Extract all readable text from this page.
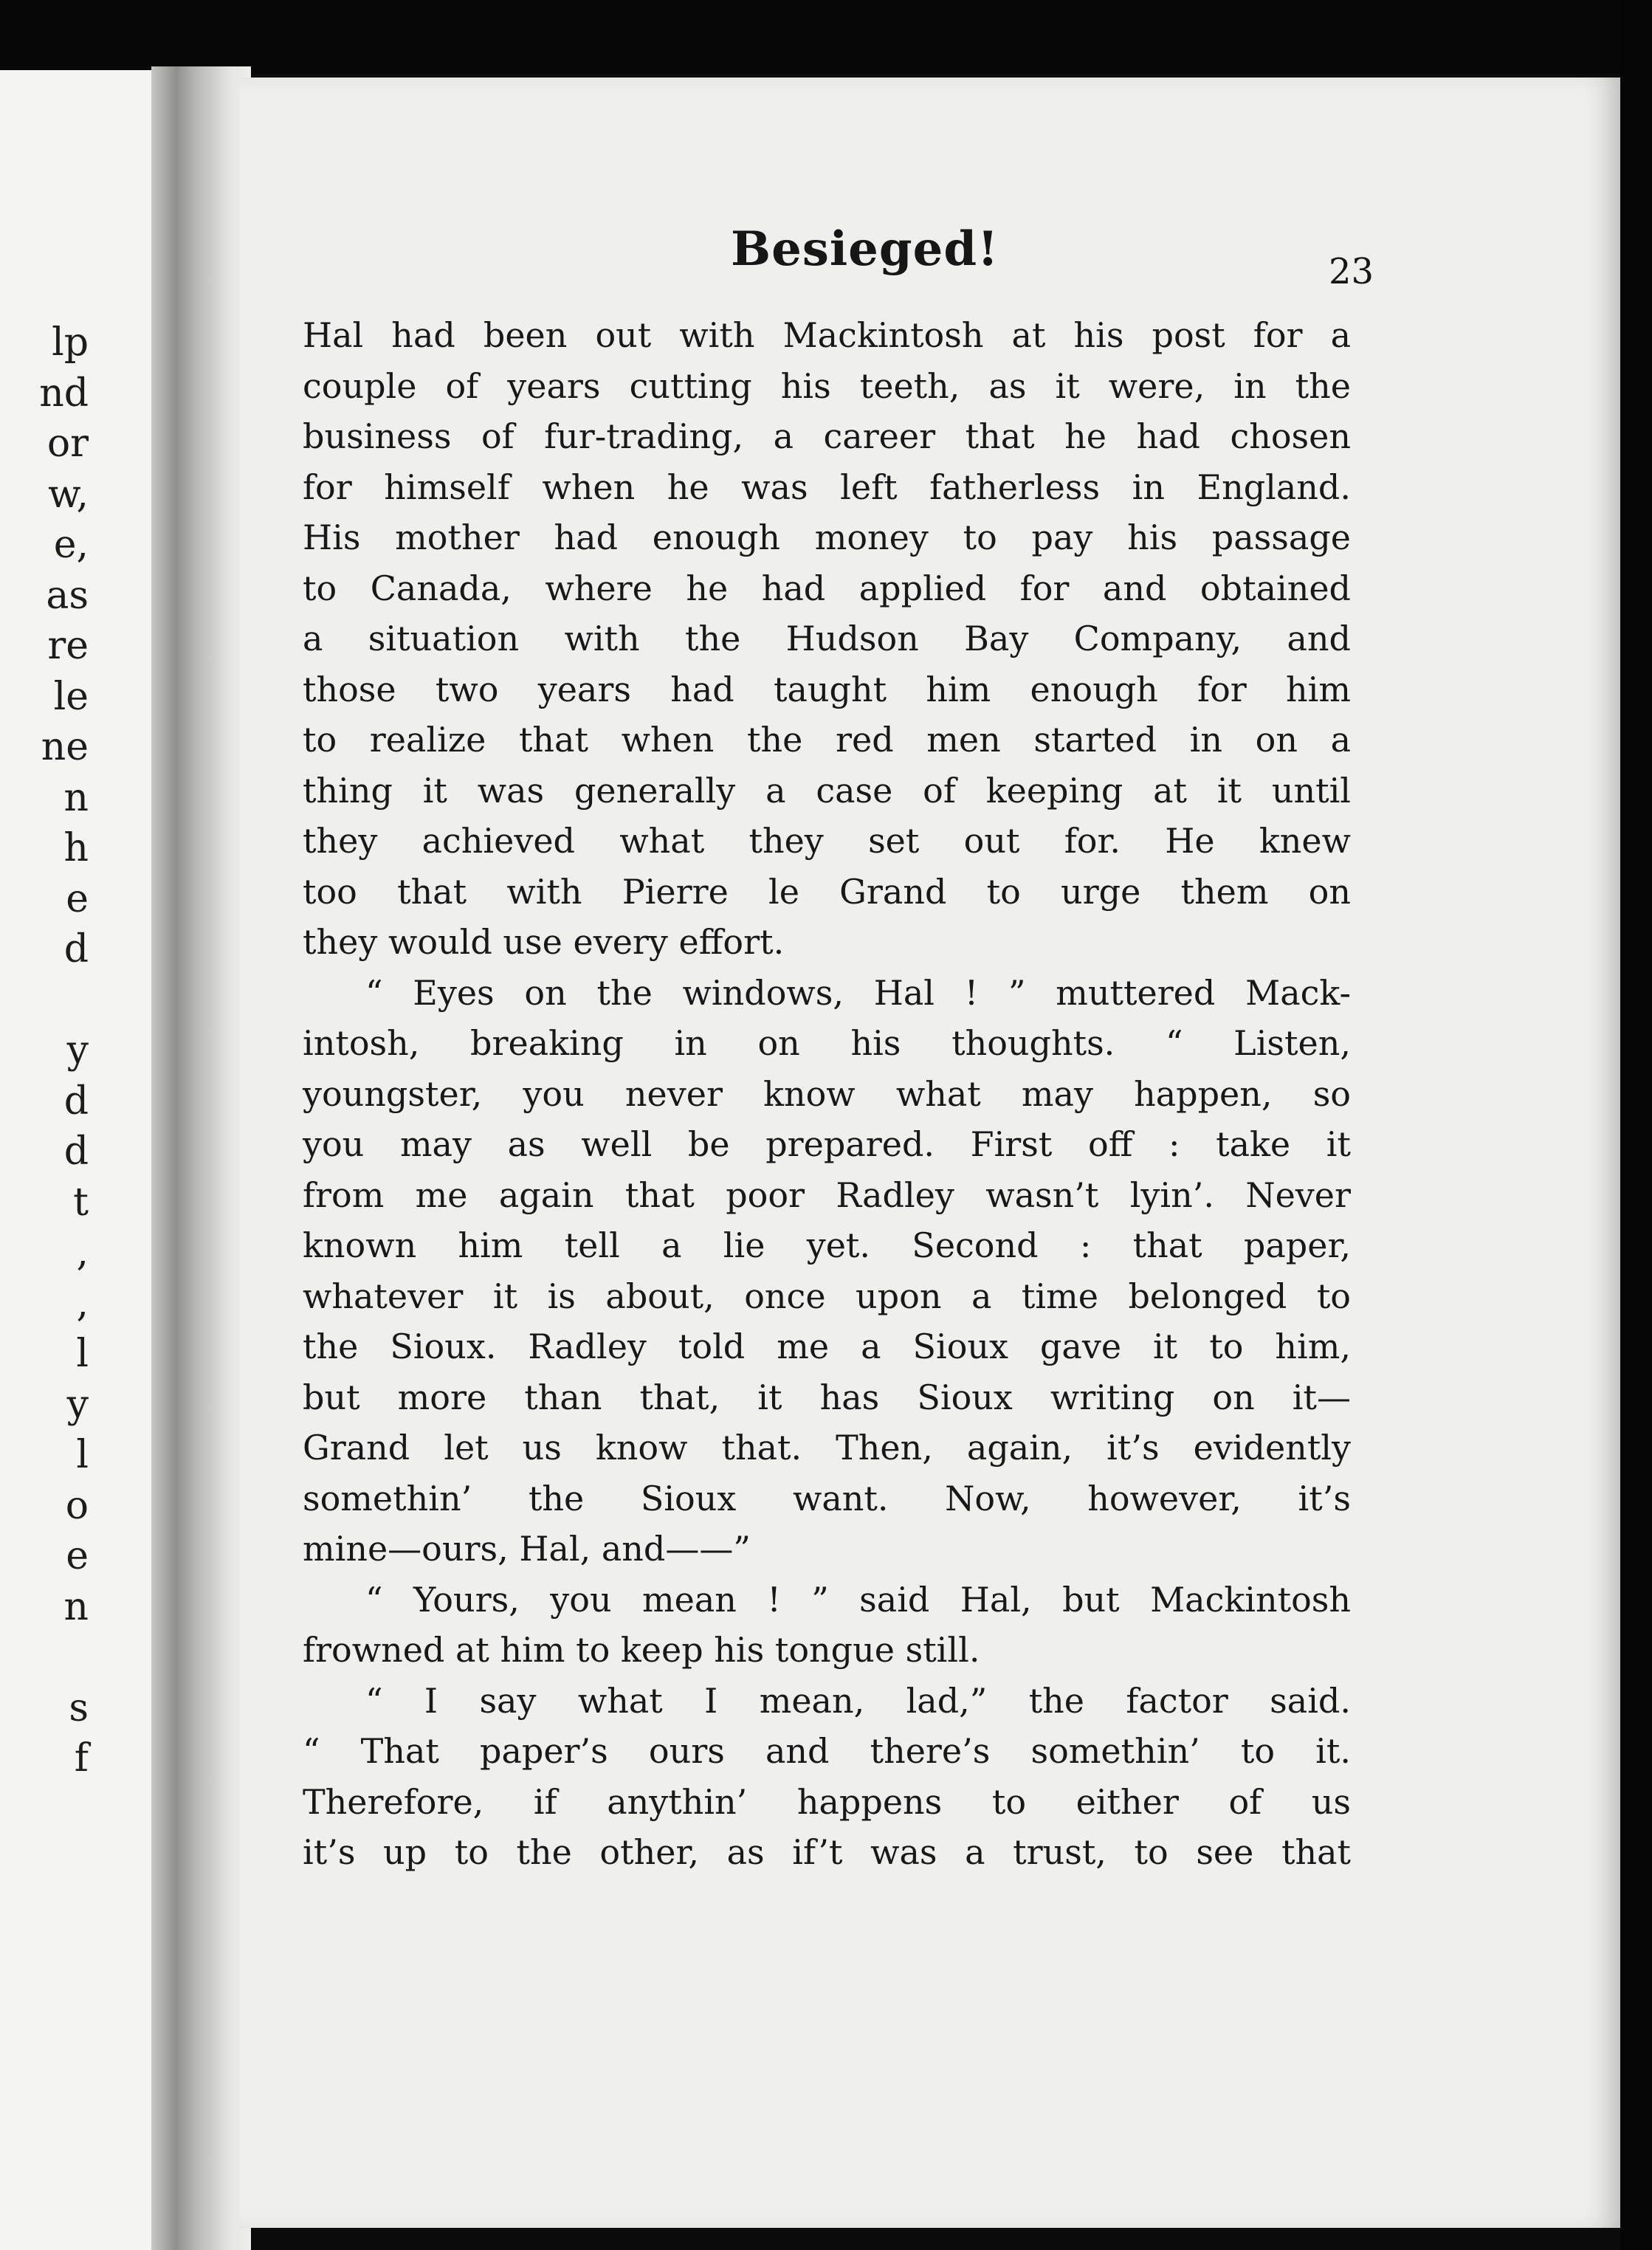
lp
nd
or
w,
e,
as
re
le
ne
n
h
e
d
y
d
d
t
,
,
l
y
l
o
e
n
s
f
Besieged!	23
Hal had been out with Mackintosh at his post for a
couple of years cutting his teeth, as it were, in the
business of fur-trading, a career that he had chosen
for himself when he was left fatherless in England.
His mother had enough money to pay his passage
to Canada, where he had applied for and obtained
a situation with the Hudson Bay Company, and
those two years had taught him enough for him
to realize that when the red men started in on a
thing it was generally a case of keeping at it until
they achieved what they set out for. He knew
too that with Pierre le Grand to urge them on
they would use every effort.
“ Eyes on the windows, Hal ! ” muttered Mack-
intosh, breaking in on his thoughts. “ Listen,
youngster, you never know what may happen, so
you may as well be prepared. First off : take it
from me again that poor Radley wasn’t lyin’. Never
known him tell a lie yet. Second : that paper,
whatever it is about, once upon a time belonged to
the Sioux. Radley told me a Sioux gave it to him,
but more than that, it has Sioux writing on it—
Grand let us know that. Then, again, it’s evidently
somethin’ the Sioux want. Now, however, it’s
mine—ours, Hal, and——”
“ Yours, you mean ! ” said Hal, but Mackintosh
frowned at him to keep his tongue still.
“ I say what I mean, lad,” the factor said.
“ That paper’s ours and there’s somethin’ to it.
Therefore, if anythin’ happens to either of us
it’s up to the other, as if’t was a trust, to see that
